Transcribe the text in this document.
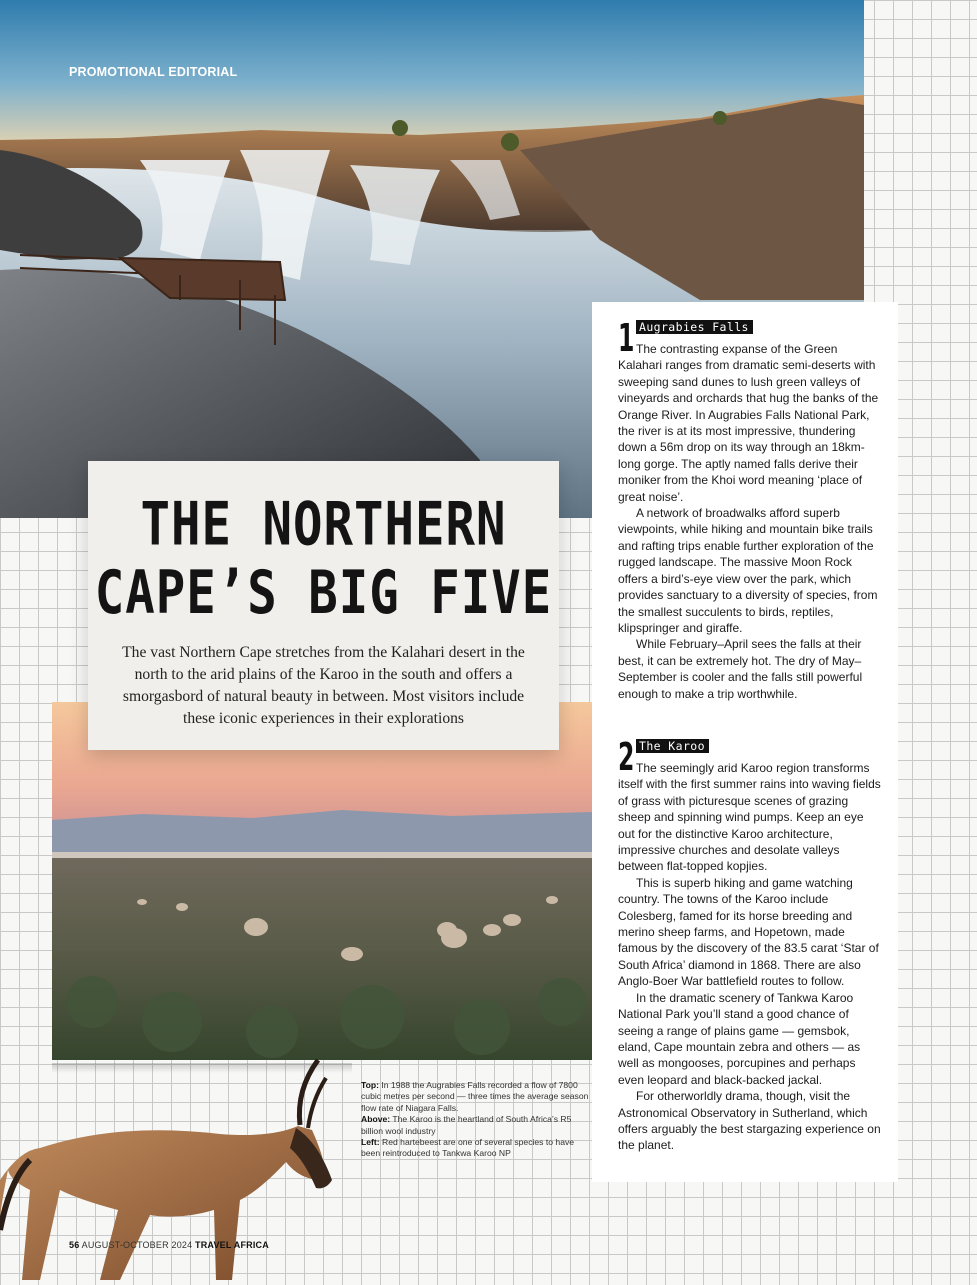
PROMOTIONAL EDITORIAL
THE NORTHERN
CAPE’S BIG FIVE
The vast Northern Cape stretches from the Kalahari desert in the north to the arid plains of the Karoo in the south and offers a smorgasbord of natural beauty in between. Most visitors include these iconic experiences in their explorations
1 Augrabies Falls

The contrasting expanse of the Green Kalahari ranges from dramatic semi-deserts with sweeping sand dunes to lush green valleys of vineyards and orchards that hug the banks of the Orange River. In Augrabies Falls National Park, the river is at its most impressive, thundering down a 56m drop on its way through an 18km-long gorge. The aptly named falls derive their moniker from the Khoi word meaning ‘place of great noise’.

A network of broadwalks afford superb viewpoints, while hiking and mountain bike trails and rafting trips enable further exploration of the rugged landscape. The massive Moon Rock offers a bird’s-eye view over the park, which provides sanctuary to a diversity of species, from the smallest succulents to birds, reptiles, klipspringer and giraffe.

While February–April sees the falls at their best, it can be extremely hot. The dry of May–September is cooler and the falls still powerful enough to make a trip worthwhile.

2 The Karoo

The seemingly arid Karoo region transforms itself with the first summer rains into waving fields of grass with picturesque scenes of grazing sheep and spinning wind pumps. Keep an eye out for the distinctive Karoo architecture, impressive churches and desolate valleys between flat-topped kopjies.

This is superb hiking and game watching country. The towns of the Karoo include Colesberg, famed for its horse breeding and merino sheep farms, and Hopetown, made famous by the discovery of the 83.5 carat ‘Star of South Africa’ diamond in 1868. There are also Anglo-Boer War battlefield routes to follow.

In the dramatic scenery of Tankwa Karoo National Park you’ll stand a good chance of seeing a range of plains game — gemsbok, eland, Cape mountain zebra and others — as well as mongooses, porcupines and perhaps even leopard and black-backed jackal.

For otherworldly drama, though, visit the Astronomical Observatory in Sutherland, which offers arguably the best stargazing experience on the planet.

Top: In 1988 the Augrabies Falls recorded a flow of 7800 cubic metres per second — three times the average season flow rate of Niagara Falls.
Above: The Karoo is the heartland of South Africa’s R5 billion wool industry
Left: Red hartebeest are one of several species to have been reintroduced to Tankwa Karoo NP
56 AUGUST-OCTOBER 2024 TRAVEL AFRICA
